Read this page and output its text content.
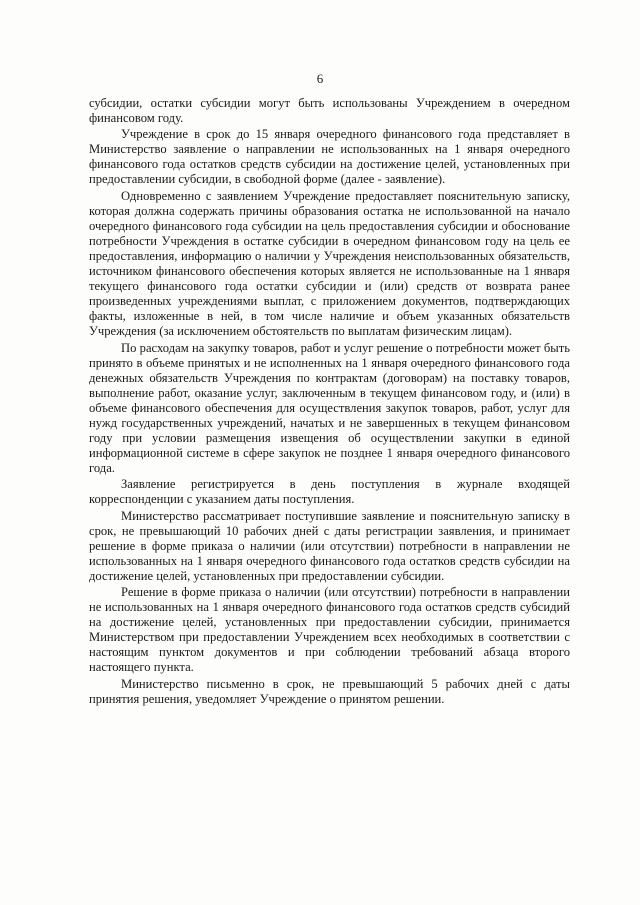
6

субсидии, остатки субсидии могут быть использованы Учреждением в очередном финансовом году.

Учреждение в срок до 15 января очередного финансового года представляет в Министерство заявление о направлении не использованных на 1 января очередного финансового года остатков средств субсидии на достижение целей, установленных при предоставлении субсидии, в свободной форме (далее - заявление).

Одновременно с заявлением Учреждение предоставляет пояснительную записку, которая должна содержать причины образования остатка не использованной на начало очередного финансового года субсидии на цель предоставления субсидии и обоснование потребности Учреждения в остатке субсидии в очередном финансовом году на цель ее предоставления, информацию о наличии у Учреждения неиспользованных обязательств, источником финансового обеспечения которых является не использованные на 1 января текущего финансового года остатки субсидии и (или) средств от возврата ранее произведенных учреждениями выплат, с приложением документов, подтверждающих факты, изложенные в ней, в том числе наличие и объем указанных обязательств Учреждения (за исключением обстоятельств по выплатам физическим лицам).

По расходам на закупку товаров, работ и услуг решение о потребности может быть принято в объеме принятых и не исполненных на 1 января очередного финансового года денежных обязательств Учреждения по контрактам (договорам) на поставку товаров, выполнение работ, оказание услуг, заключенным в текущем финансовом году, и (или) в объеме финансового обеспечения для осуществления закупок товаров, работ, услуг для нужд государственных учреждений, начатых и не завершенных в текущем финансовом году при условии размещения извещения об осуществлении закупки в единой информационной системе в сфере закупок не позднее 1 января очередного финансового года.

Заявление регистрируется в день поступления в журнале входящей корреспонденции с указанием даты поступления.

Министерство рассматривает поступившие заявление и пояснительную записку в срок, не превышающий 10 рабочих дней с даты регистрации заявления, и принимает решение в форме приказа о наличии (или отсутствии) потребности в направлении не использованных на 1 января очередного финансового года остатков средств субсидии на достижение целей, установленных при предоставлении субсидии.

Решение в форме приказа о наличии (или отсутствии) потребности в направлении не использованных на 1 января очередного финансового года остатков средств субсидий на достижение целей, установленных при предоставлении субсидии, принимается Министерством при предоставлении Учреждением всех необходимых в соответствии с настоящим пунктом документов и при соблюдении требований абзаца второго настоящего пункта.

Министерство письменно в срок, не превышающий 5 рабочих дней с даты принятия решения, уведомляет Учреждение о принятом решении.
